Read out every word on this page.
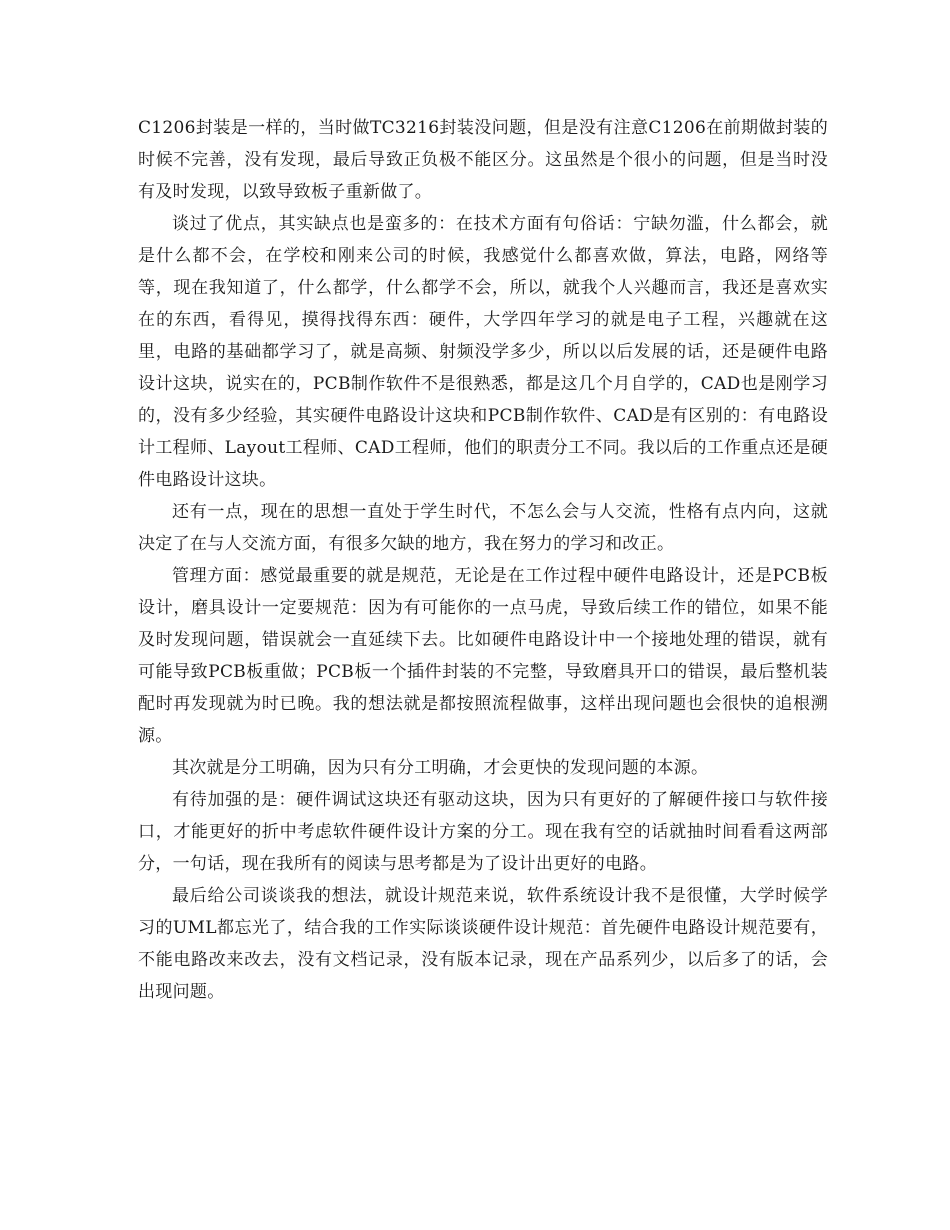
C1206封装是一样的，当时做TC3216封装没问题，但是没有注意C1206在前期做封装的时候不完善，没有发现，最后导致正负极不能区分。这虽然是个很小的问题，但是当时没有及时发现，以致导致板子重新做了。

谈过了优点，其实缺点也是蛮多的：在技术方面有句俗话：宁缺勿滥，什么都会，就是什么都不会，在学校和刚来公司的时候，我感觉什么都喜欢做，算法，电路，网络等等，现在我知道了，什么都学，什么都学不会，所以，就我个人兴趣而言，我还是喜欢实在的东西，看得见，摸得找得东西：硬件，大学四年学习的就是电子工程，兴趣就在这里，电路的基础都学习了，就是高频、射频没学多少，所以以后发展的话，还是硬件电路设计这块，说实在的，PCB制作软件不是很熟悉，都是这几个月自学的，CAD也是刚学习的，没有多少经验，其实硬件电路设计这块和PCB制作软件、CAD是有区别的：有电路设计工程师、Layout工程师、CAD工程师，他们的职责分工不同。我以后的工作重点还是硬件电路设计这块。

还有一点，现在的思想一直处于学生时代，不怎么会与人交流，性格有点内向，这就决定了在与人交流方面，有很多欠缺的地方，我在努力的学习和改正。

管理方面：感觉最重要的就是规范，无论是在工作过程中硬件电路设计，还是PCB板设计，磨具设计一定要规范：因为有可能你的一点马虎，导致后续工作的错位，如果不能及时发现问题，错误就会一直延续下去。比如硬件电路设计中一个接地处理的错误，就有可能导致PCB板重做；PCB板一个插件封装的不完整，导致磨具开口的错误，最后整机装配时再发现就为时已晚。我的想法就是都按照流程做事，这样出现问题也会很快的追根溯源。

其次就是分工明确，因为只有分工明确，才会更快的发现问题的本源。

有待加强的是：硬件调试这块还有驱动这块，因为只有更好的了解硬件接口与软件接口，才能更好的折中考虑软件硬件设计方案的分工。现在我有空的话就抽时间看看这两部分，一句话，现在我所有的阅读与思考都是为了设计出更好的电路。

最后给公司谈谈我的想法，就设计规范来说，软件系统设计我不是很懂，大学时候学习的UML都忘光了，结合我的工作实际谈谈硬件设计规范：首先硬件电路设计规范要有，不能电路改来改去，没有文档记录，没有版本记录，现在产品系列少，以后多了的话，会出现问题。
